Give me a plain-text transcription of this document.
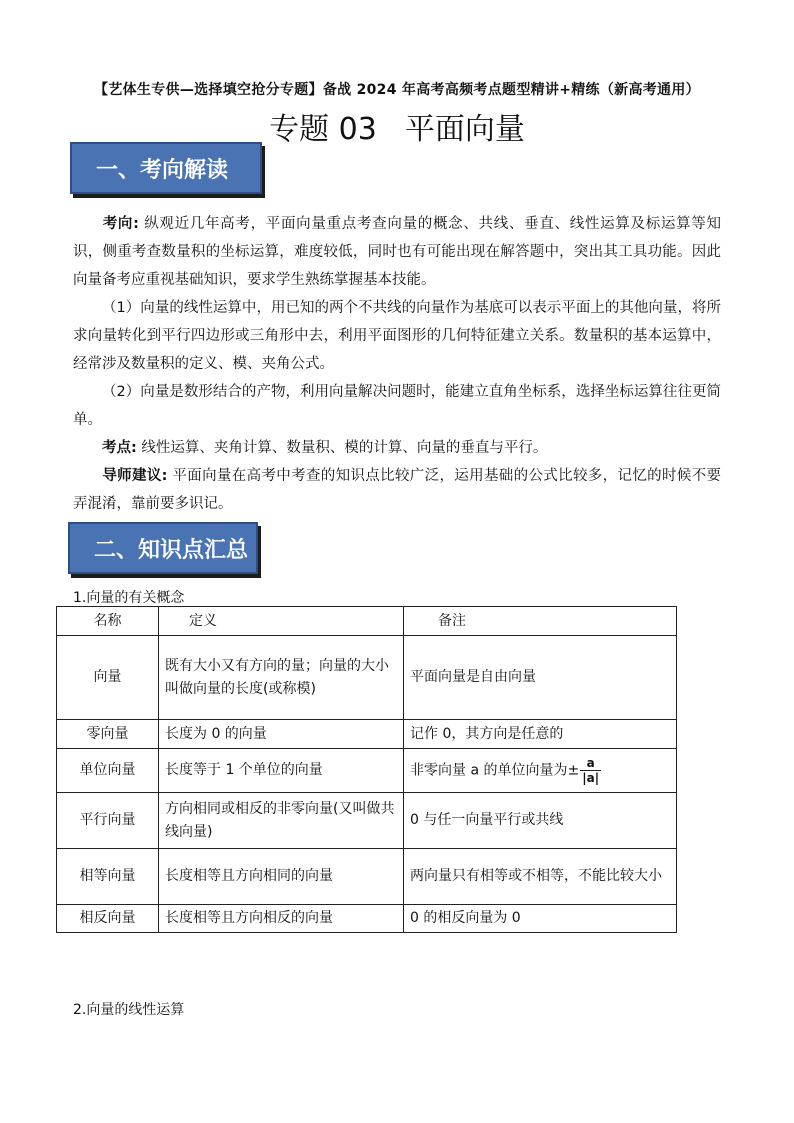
【艺体生专供—选择填空抢分专题】备战 2024 年高考高频考点题型精讲+精练（新高考通用）
专题 03 平面向量
一、考向解读
考向: 纵观近几年高考，平面向量重点考查向量的概念、共线、垂直、线性运算及标运算等知识，侧重考查数量积的坐标运算，难度较低，同时也有可能出现在解答题中，突出其工具功能。因此向量备考应重视基础知识，要求学生熟练掌握基本技能。
（1）向量的线性运算中，用已知的两个不共线的向量作为基底可以表示平面上的其他向量，将所求向量转化到平行四边形或三角形中去，利用平面图形的几何特征建立关系。数量积的基本运算中，经常涉及数量积的定义、模、夹角公式。
（2）向量是数形结合的产物，利用向量解决问题时，能建立直角坐标系，选择坐标运算往往更简单。
考点: 线性运算、夹角计算、数量积、模的计算、向量的垂直与平行。
导师建议: 平面向量在高考中考查的知识点比较广泛，运用基础的公式比较多，记忆的时候不要弄混淆，靠前要多识记。
二、知识点汇总
1.向量的有关概念
名称	定义	备注
向量	既有大小又有方向的量；向量的大小叫做向量的长度(或称模)	平面向量是自由向量
零向量	长度为 0 的向量	记作 0，其方向是任意的
单位向量	长度等于 1 个单位的向量	非零向量 a 的单位向量为± $\frac{a}{|a|}$

平行向量	方向相同或相反的非零向量(又叫做共线向量)	0 与任一向量平行或共线
相等向量	长度相等且方向相同的向量	两向量只有相等或不相等，不能比较大小
相反向量	长度相等且方向相反的向量	0 的相反向量为 0
2.向量的线性运算
